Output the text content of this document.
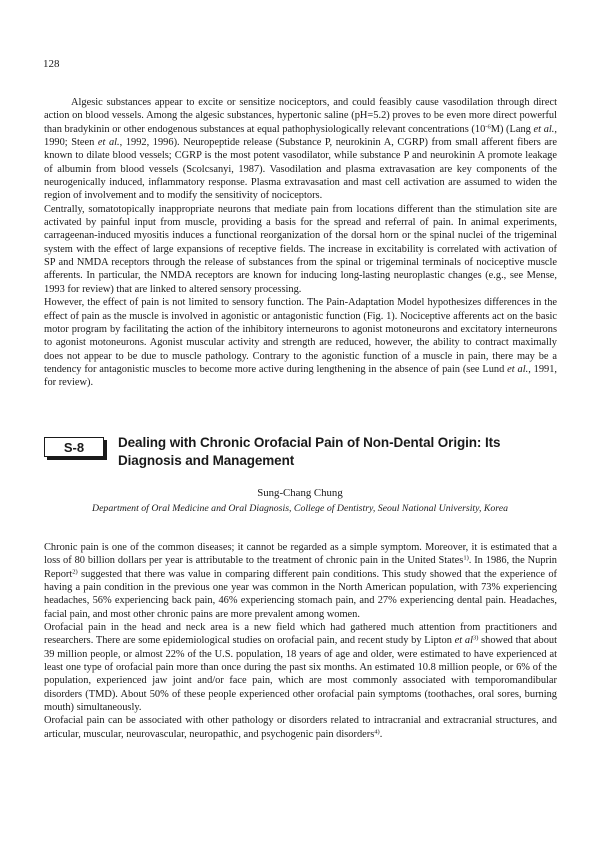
128

Algesic substances appear to excite or sensitize nociceptors, and could feasibly cause vasodilation through direct action on blood vessels. Among the algesic substances, hypertonic saline (pH=5.2) proves to be even more direct powerful than bradykinin or other endogenous substances at equal pathophysiologically relevant concentrations $(10^{-6}M)$ (Lang et al., 1990; Steen et al., 1992, 1996). Neuropeptide release (Substance P, neurokinin A, CGRP) from small afferent fibers are known to dilate blood vessels; CGRP is the most potent vasodilator, while substance P and neurokinin A promote leakage of albumin from blood vessels (Scolcsanyi, 1987). Vasodilation and plasma extravasation are key components of the neurogenically induced, inflammatory response. Plasma extravasation and mast cell activation are assumed to widen the region of involvement and to modify the sensitivity of nociceptors.

Centrally, somatotopically inappropriate neurons that mediate pain from locations different than the stimulation site are activated by painful input from muscle, providing a basis for the spread and referral of pain. In animal experiments, carrageenan-induced myositis induces a functional reorganization of the dorsal horn or the spinal nuclei of the trigeminal system with the effect of large expansions of receptive fields. The increase in excitability is correlated with activation of SP and NMDA receptors through the release of substances from the spinal or trigeminal terminals of nociceptive muscle afferents. In particular, the NMDA receptors are known for inducing long-lasting neuroplastic changes (e.g., see Mense, 1993 for review) that are linked to altered sensory processing.

However, the effect of pain is not limited to sensory function. The Pain-Adaptation Model hypothesizes differences in the effect of pain as the muscle is involved in agonistic or antagonistic function (Fig. 1). Nociceptive afferents act on the basic motor program by facilitating the action of the inhibitory interneurons to agonist motoneurons and excitatory interneurons to agonist motoneurons. Agonist muscular activity and strength are reduced, however, the ability to contract maximally does not appear to be due to muscle pathology. Contrary to the agonistic function of a muscle in pain, there may be a tendency for antagonistic muscles to become more active during lengthening in the absence of pain (see Lund et al., 1991, for review).

S-8	Dealing with Chronic Orofacial Pain of Non-Dental Origin: Its Diagnosis and Management
Sung-Chang Chung
Department of Oral Medicine and Oral Diagnosis, College of Dentistry, Seoul National University, Korea

Chronic pain is one of the common diseases; it cannot be regarded as a simple symptom. Moreover, it is estimated that a loss of 80 billion dollars per year is attributable to the treatment of chronic pain in the United States$^{1)}$. In 1986, the Nuprin Report$^{2)}$ suggested that there was value in comparing different pain conditions. This study showed that the experience of having a pain condition in the previous one year was common in the North American population, with 73% experiencing headaches, 56% experiencing back pain, 46% experiencing stomach pain, and 27% experiencing dental pain. Headaches, facial pain, and most other chronic pains are more prevalent among women.

Orofacial pain in the head and neck area is a new field which had gathered much attention from practitioners and researchers. There are some epidemiological studies on orofacial pain, and recent study by Lipton et $al^{3)}$ showed that about 39 million people, or almost 22% of the U.S. population, 18 years of age and older, were estimated to have experienced at least one type of orofacial pain more than once during the past six months. An estimated 10.8 million people, or 6% of the population, experienced jaw joint and/or face pain, which are most commonly associated with temporomandibular disorders (TMD). About 50% of these people experienced other orofacial pain symptoms (toothaches, oral sores, burning mouth) simultaneously.

Orofacial pain can be associated with other pathology or disorders related to intracranial and extracranial structures, and articular, muscular, neurovascular, neuropathic, and psychogenic pain disorders$^{4)}$.
